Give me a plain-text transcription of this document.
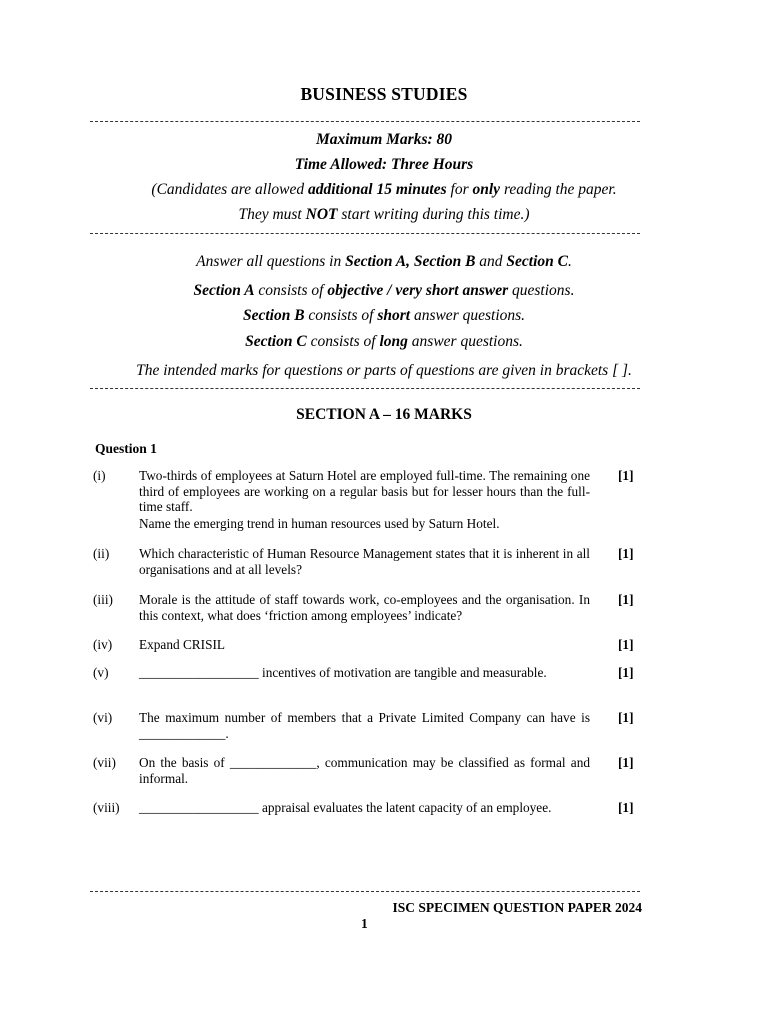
BUSINESS STUDIES
Maximum Marks: 80
Time Allowed: Three Hours
(Candidates are allowed additional 15 minutes for only reading the paper.
They must NOT start writing during this time.)
Answer all questions in Section A, Section B and Section C.
Section A consists of objective / very short answer questions.
Section B consists of short answer questions.
Section C consists of long answer questions.
The intended marks for questions or parts of questions are given in brackets [ ].
SECTION A – 16 MARKS
Question 1
(i)	Two-thirds of employees at Saturn Hotel are employed full-time. The remaining one third of employees are working on a regular basis but for lesser hours than the full-time staff.
Name the emerging trend in human resources used by Saturn Hotel.
[1]
(ii) Which characteristic of Human Resource Management states that it is inherent in all organisations and at all levels?
[1]
(iii) Morale is the attitude of staff towards work, co-employees and the organisation. In this context, what does ‘friction among employees’ indicate?
[1]
(iv) Expand CRISIL	[1]
(v) __________________ incentives of motivation are tangible and measurable.	[1]
(vi) The maximum number of members that a Private Limited Company can have is _____________.
[1]
(vii) On the basis of _____________, communication may be classified as formal and informal.
[1]
(viii) __________________ appraisal evaluates the latent capacity of an employee.	[1]
ISC SPECIMEN QUESTION PAPER 2024
1
